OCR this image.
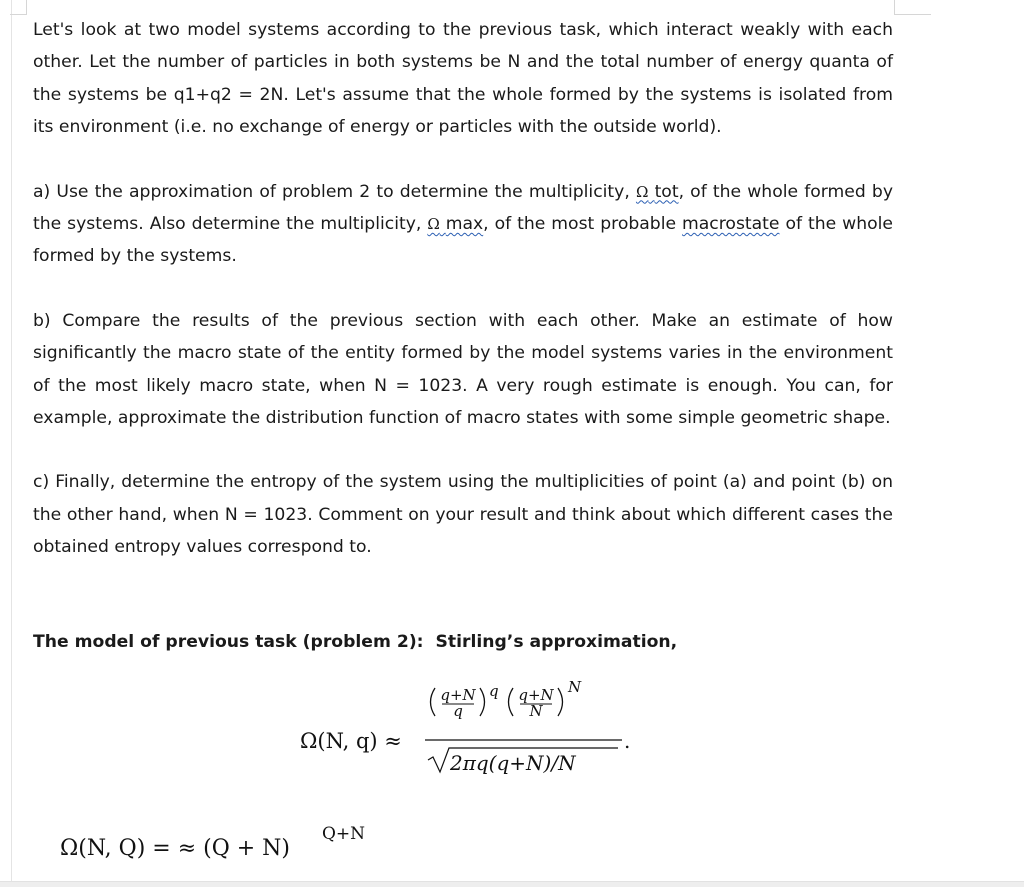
Let's look at two model systems according to the previous task, which interact weakly with each other. Let the number of particles in both systems be N and the total number of energy quanta of the systems be q1+q2 = 2N. Let's assume that the whole formed by the systems is isolated from its environment (i.e. no exchange of energy or particles with the outside world).

a) Use the approximation of problem 2 to determine the multiplicity, Ω tot, of the whole formed by the systems. Also determine the multiplicity, Ω max, of the most probable macrostate of the whole formed by the systems.

b) Compare the results of the previous section with each other. Make an estimate of how significantly the macro state of the entity formed by the model systems varies in the environment of the most likely macro state, when N = 1023. A very rough estimate is enough. You can, for example, approximate the distribution function of macro states with some simple geometric shape.

c) Finally, determine the entropy of the system using the multiplicities of point (a) and point (b) on the other hand, when N = 1023. Comment on your result and think about which different cases the obtained entropy values correspond to.

The model of previous task (problem 2):  Stirling’s approximation,
Ω(N, q) ≈
q+N
q
q q+N
N
N
2πq(q+N)/N
.
Ω(N, Q) = ≈ (Q + N)
Q+N
